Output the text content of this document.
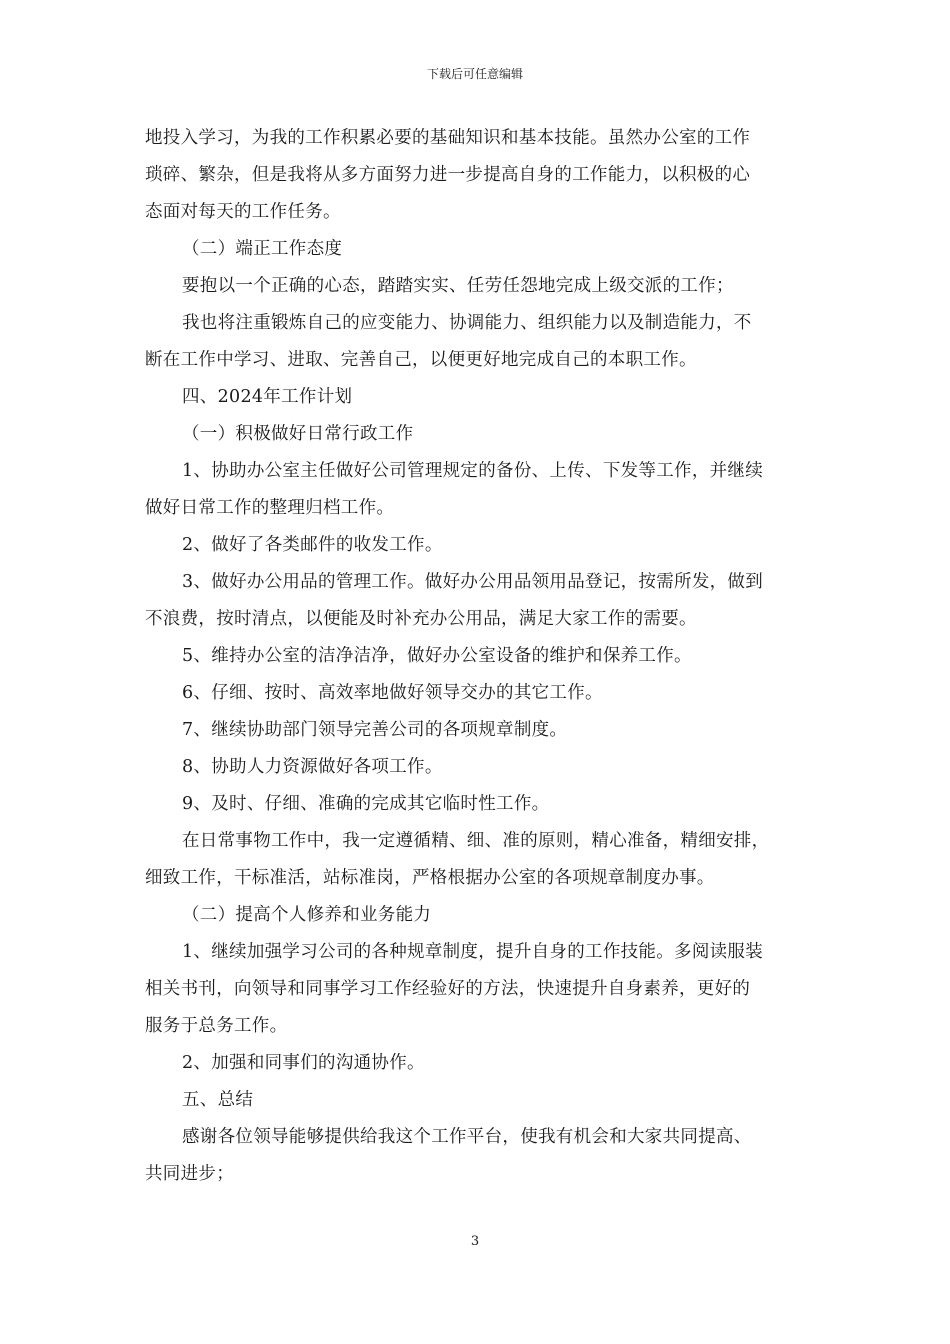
下载后可任意编辑
地投入学习，为我的工作积累必要的基础知识和基本技能。虽然办公室的工作
琐碎、繁杂，但是我将从多方面努力进一步提高自身的工作能力，以积极的心
态面对每天的工作任务。
（二）端正工作态度
要抱以一个正确的心态，踏踏实实、任劳任怨地完成上级交派的工作；
我也将注重锻炼自己的应变能力、协调能力、组织能力以及制造能力，不
断在工作中学习、进取、完善自己，以便更好地完成自己的本职工作。
四、2024年工作计划
（一）积极做好日常行政工作
1、协助办公室主任做好公司管理规定的备份、上传、下发等工作，并继续
做好日常工作的整理归档工作。
2、做好了各类邮件的收发工作。
3、做好办公用品的管理工作。做好办公用品领用品登记，按需所发，做到
不浪费，按时清点，以便能及时补充办公用品，满足大家工作的需要。
5、维持办公室的洁净洁净，做好办公室设备的维护和保养工作。
6、仔细、按时、高效率地做好领导交办的其它工作。
7、继续协助部门领导完善公司的各项规章制度。
8、协助人力资源做好各项工作。
9、及时、仔细、准确的完成其它临时性工作。
在日常事物工作中，我一定遵循精、细、准的原则，精心准备，精细安排，
细致工作，干标准活，站标准岗，严格根据办公室的各项规章制度办事。
（二）提高个人修养和业务能力
1、继续加强学习公司的各种规章制度，提升自身的工作技能。多阅读服装
相关书刊，向领导和同事学习工作经验好的方法，快速提升自身素养，更好的
服务于总务工作。
2、加强和同事们的沟通协作。
五、总结
感谢各位领导能够提供给我这个工作平台，使我有机会和大家共同提高、
共同进步；
3
